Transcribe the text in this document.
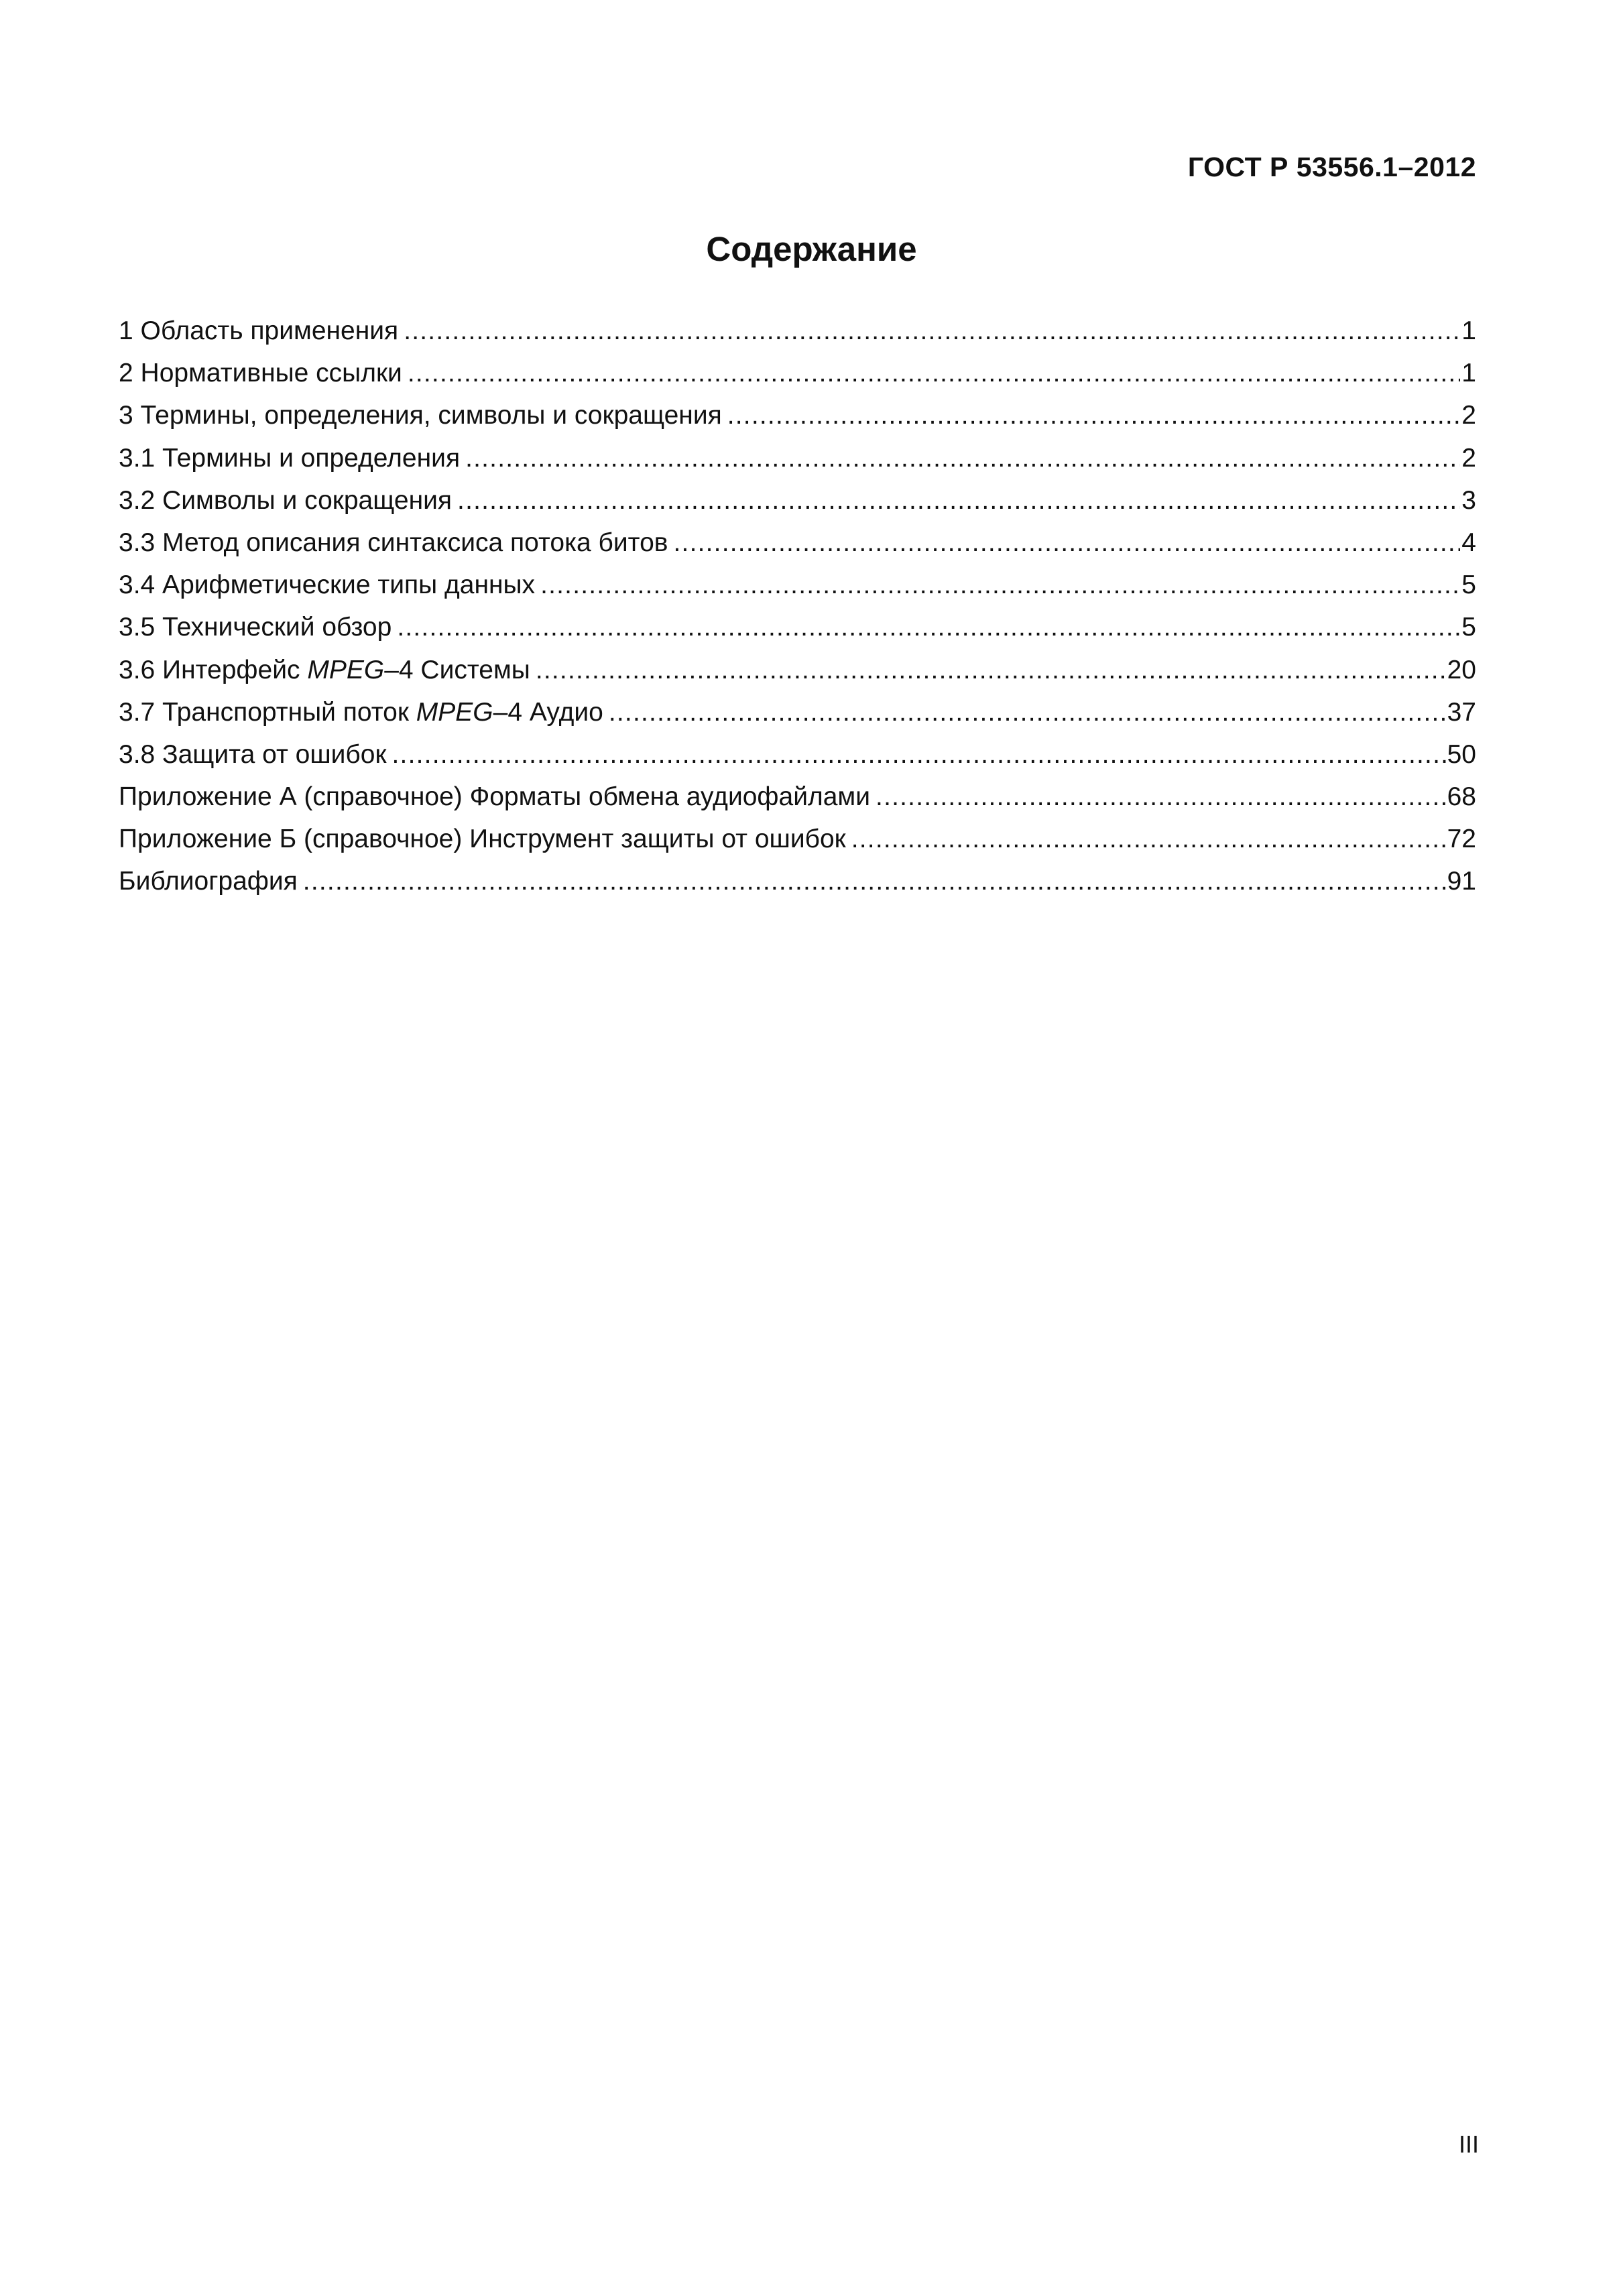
ГОСТ Р 53556.1–2012
Содержание
1 Область применения .....	1
2 Нормативные ссылки .....	1
3 Термины, определения, символы и сокращения .....	2
3.1 Термины и определения .....	2
3.2 Символы и сокращения .....	3
3.3 Метод описания синтаксиса потока битов .....	4
3.4 Арифметические типы данных .....	5
3.5 Технический обзор .....	5
3.6 Интерфейс MPEG–4 Системы .....	20
3.7 Транспортный поток MPEG–4 Аудио .....	37
3.8 Защита от ошибок .....	50
Приложение А (справочное) Форматы обмена аудиофайлами .....	68
Приложение Б (справочное) Инструмент защиты от ошибок .....	72
Библиография .....	91
III
